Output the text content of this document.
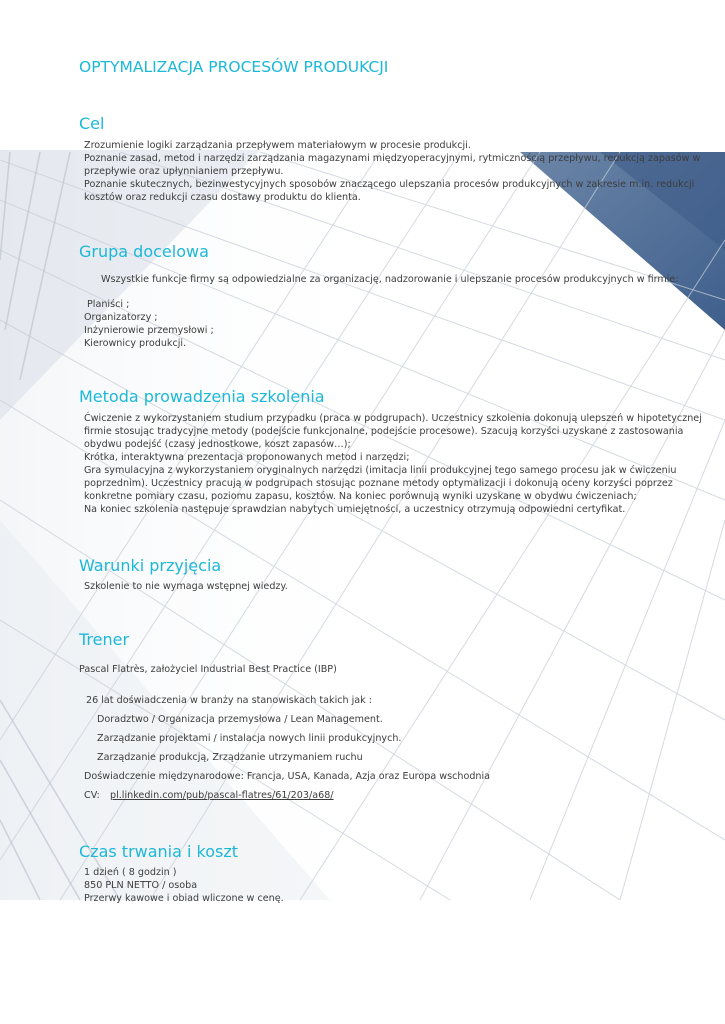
OPTYMALIZACJA PROCESÓW PRODUKCJI
Cel
Zrozumienie logiki zarządzania przepływem materiałowym w procesie produkcji.
Poznanie zasad, metod i narzędzi zarządzania magazynami międzyoperacyjnymi, rytmicznością przepływu, redukcją zapasów w
przepływie oraz upłynnianiem przepływu.
Poznanie skutecznych, bezinwestycyjnych sposobów znaczącego ulepszania procesów produkcyjnych w zakresie m.in. redukcji
kosztów oraz redukcji czasu dostawy produktu do klienta.
Grupa docelowa
Wszystkie funkcje firmy są odpowiedzialne za organizację, nadzorowanie i ulepszanie procesów produkcyjnych w firmie:
Planiści ;
Organizatorzy ;
Inżynierowie przemysłowi ;
Kierownicy produkcji.
Metoda prowadzenia szkolenia
Ćwiczenie z wykorzystaniem studium przypadku (praca w podgrupach). Uczestnicy szkolenia dokonują ulepszeń w hipotetycznej
firmie stosując tradycyjne metody (podejście funkcjonalne, podejście procesowe). Szacują korzyści uzyskane z zastosowania
obydwu podejść (czasy jednostkowe, koszt zapasów…);
Krótka, interaktywna prezentacja proponowanych metod i narzędzi;
Gra symulacyjna z wykorzystaniem oryginalnych narzędzi (imitacja linii produkcyjnej tego samego procesu jak w ćwiczeniu
poprzednim). Uczestnicy pracują w podgrupach stosując poznane metody optymalizacji i dokonują oceny korzyści poprzez
konkretne pomiary czasu, poziomu zapasu, kosztów. Na koniec porównują wyniki uzyskane w obydwu ćwiczeniach;
Na koniec szkolenia następuje sprawdzian nabytych umiejętności, a uczestnicy otrzymują odpowiedni certyfikat.
Warunki przyjęcia
Szkolenie to nie wymaga wstępnej wiedzy.
Trener
Pascal Flatrès, założyciel Industrial Best Practice (IBP)
26 lat doświadczenia w branży na stanowiskach takich jak :
Doradztwo / Organizacja przemysłowa / Lean Management.
Zarządzanie projektami / instalacja nowych linii produkcyjnych.
Zarządzanie produkcją, Zrządzanie utrzymaniem ruchu
Doświadczenie międzynarodowe: Francja, USA, Kanada, Azja oraz Europa wschodnia
CV: pl.linkedin.com/pub/pascal-flatres/61/203/a68/
Czas trwania i koszt
1 dzień ( 8 godzin )
850 PLN NETTO / osoba
Przerwy kawowe i obiad wliczone w cenę.
